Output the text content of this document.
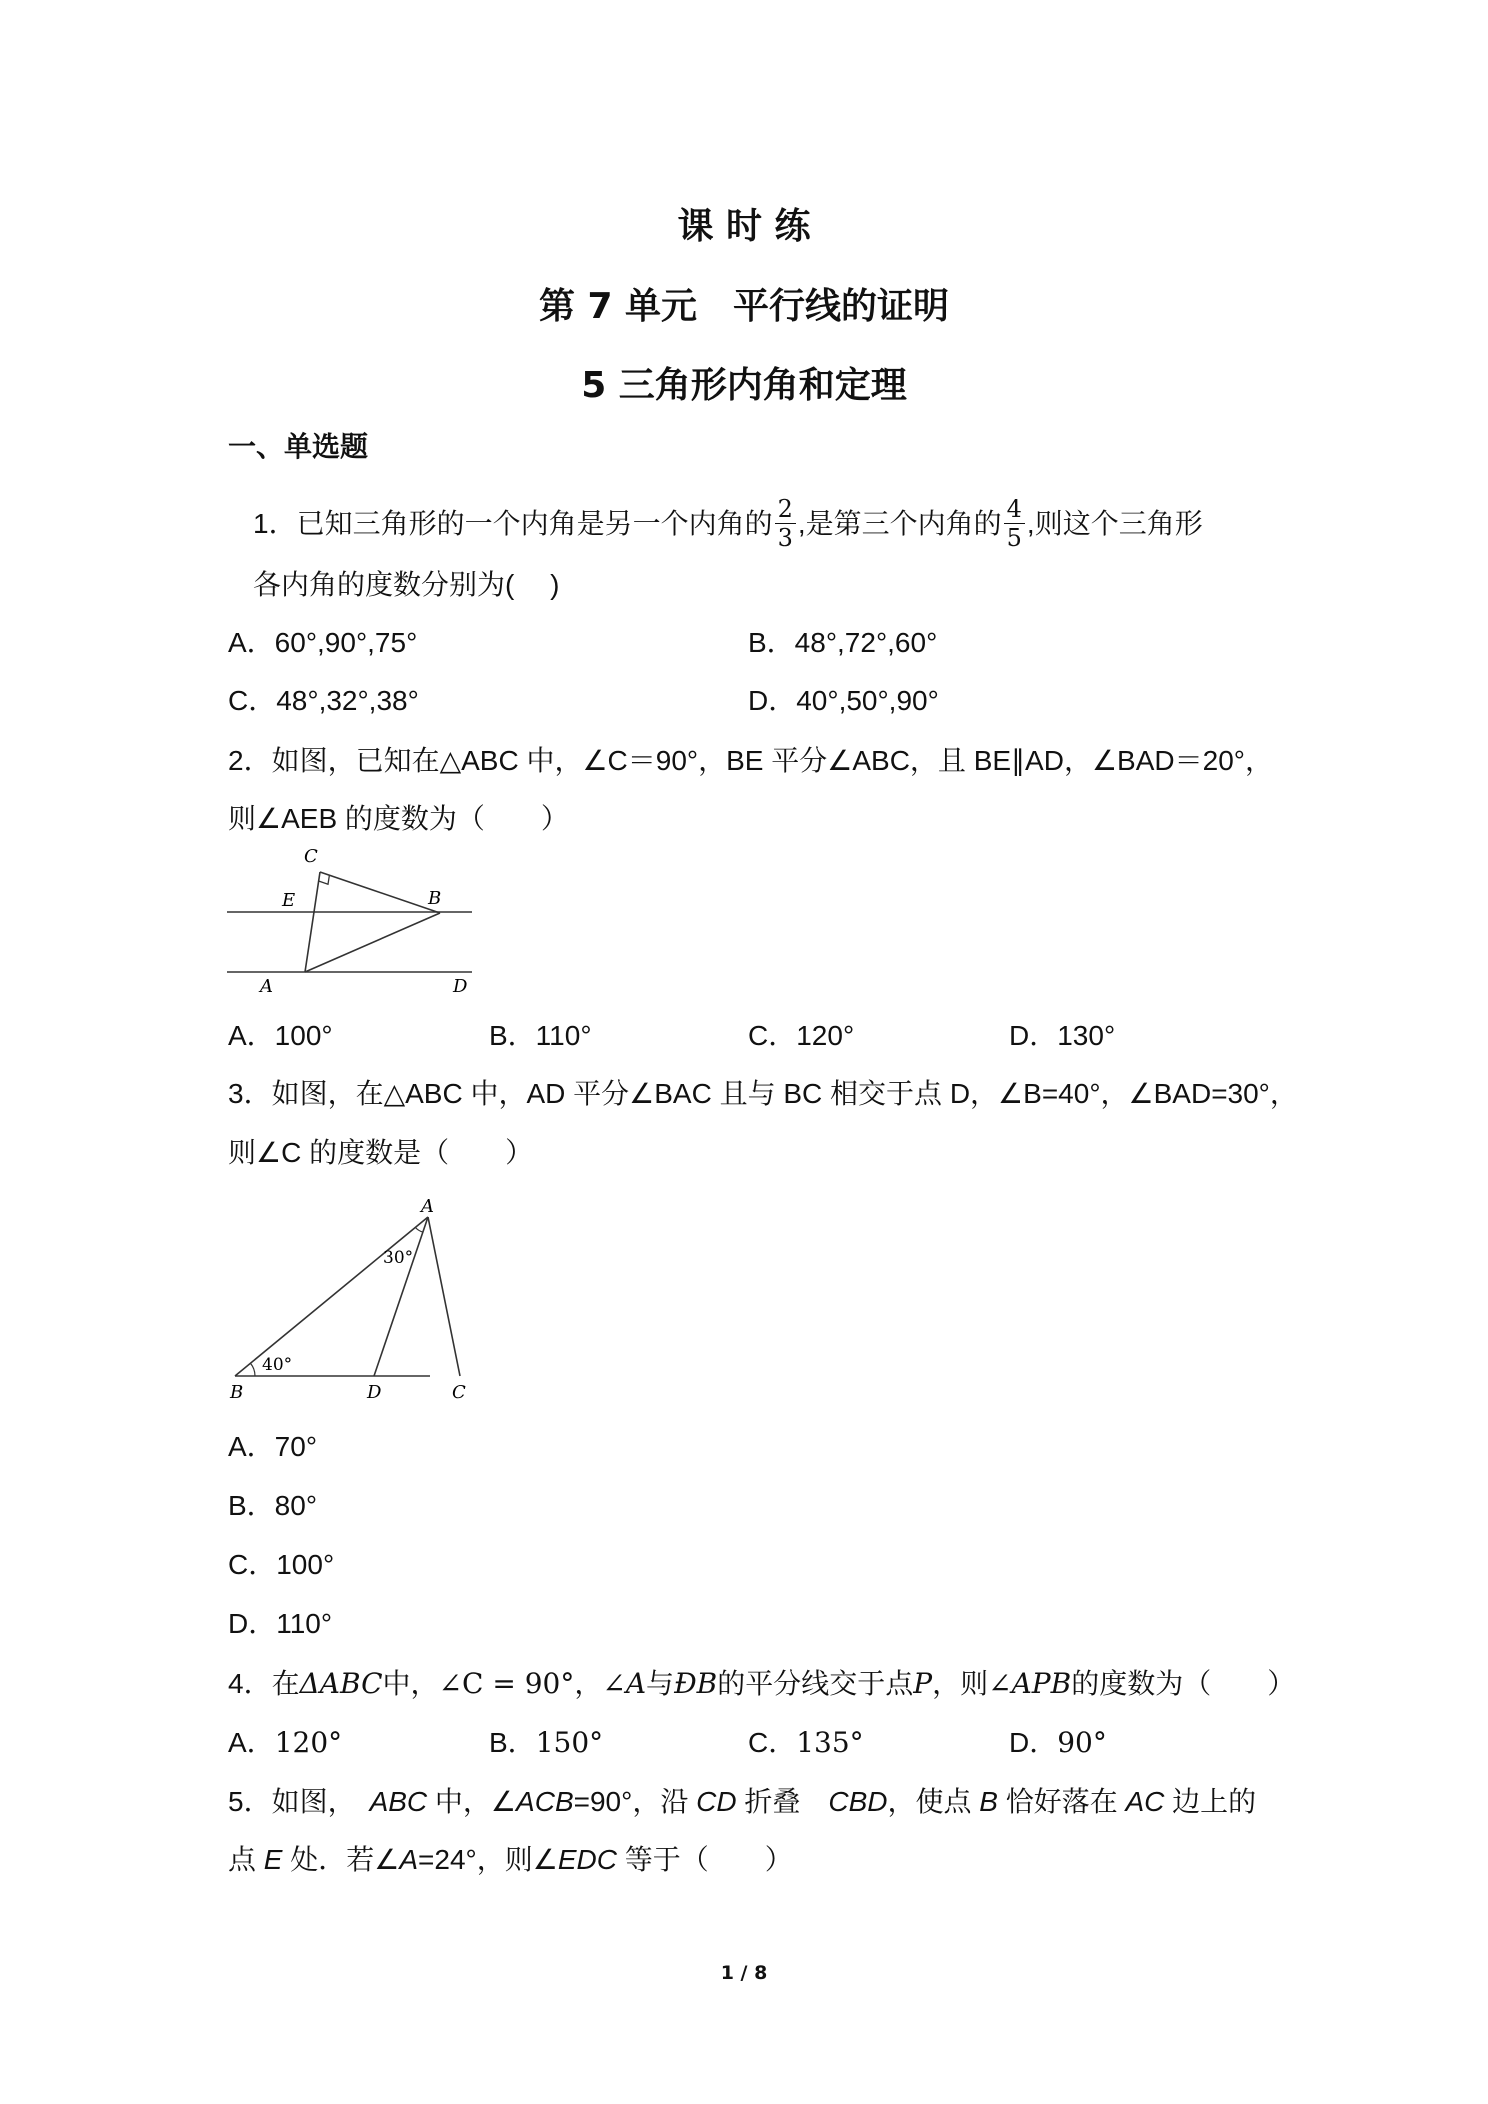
课 时 练
第 7 单元　平行线的证明
5 三角形内角和定理
一、单选题
1．已知三角形的一个内角是另一个内角的 $\frac{2}{3}$ ,是第三个内角的 $\frac{4}{5}$ ,则这个三角形
各内角的度数分别为(　 )
A．60°,90°,75°	B．48°,72°,60°
C．48°,32°,38°	D．40°,50°,90°
2．如图，已知在△ABC 中，∠C＝90°，BE 平分∠ABC，且 BE∥AD，∠BAD＝20°，
则∠AEB 的度数为（　　）
C
E	B
A	D
A．100°	B．110°	C．120°	D．130°
3．如图，在△ABC 中，AD 平分∠BAC 且与 BC 相交于点 D，∠B=40°，∠BAD=30°，
则∠C 的度数是（　　）
A
B	D	C
30°
40°
A．70°
B．80°
C．100°
D．110°
4．在ΔABC中，∠C = 90°，∠A与ÐB的平分线交于点P，则∠APB的度数为（　　）
A．120°	B．150°	C．135°	D．90°
5．如图，　ABC 中，∠ACB=90°，沿 CD 折叠　CBD，使点 B 恰好落在 AC 边上的
点 E 处．若∠A=24°，则∠EDC 等于（　　）
1 / 8
